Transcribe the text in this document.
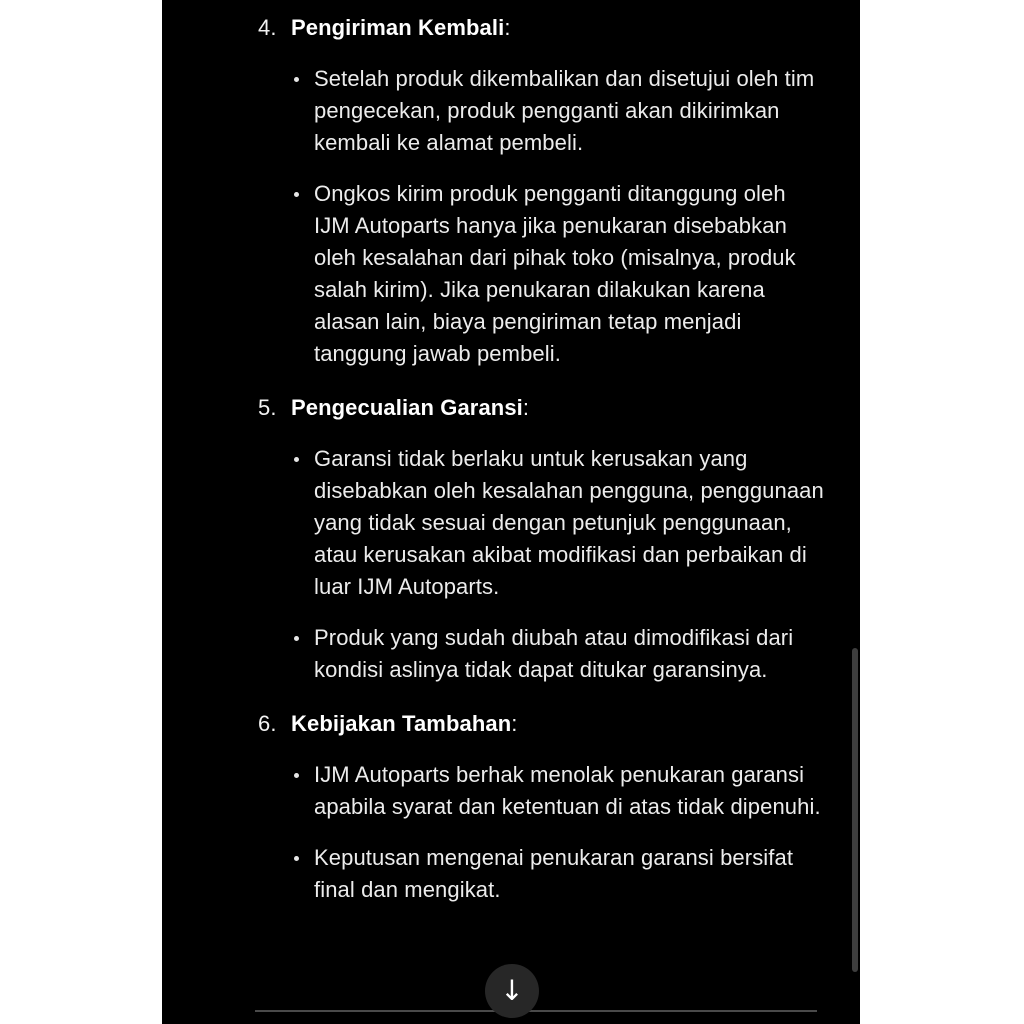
4. Pengiriman Kembali:

Setelah produk dikembalikan dan disetujui oleh tim pengecekan, produk pengganti akan dikirimkan kembali ke alamat pembeli.

Ongkos kirim produk pengganti ditanggung oleh IJM Autoparts hanya jika penukaran disebabkan oleh kesalahan dari pihak toko (misalnya, produk salah kirim). Jika penukaran dilakukan karena alasan lain, biaya pengiriman tetap menjadi tanggung jawab pembeli.

5. Pengecualian Garansi:

Garansi tidak berlaku untuk kerusakan yang disebabkan oleh kesalahan pengguna, penggunaan yang tidak sesuai dengan petunjuk penggunaan, atau kerusakan akibat modifikasi dan perbaikan di luar IJM Autoparts.

Produk yang sudah diubah atau dimodifikasi dari kondisi aslinya tidak dapat ditukar garansinya.

6. Kebijakan Tambahan:

IJM Autoparts berhak menolak penukaran garansi apabila syarat dan ketentuan di atas tidak dipenuhi.

Keputusan mengenai penukaran garansi bersifat final dan mengikat.

↓
